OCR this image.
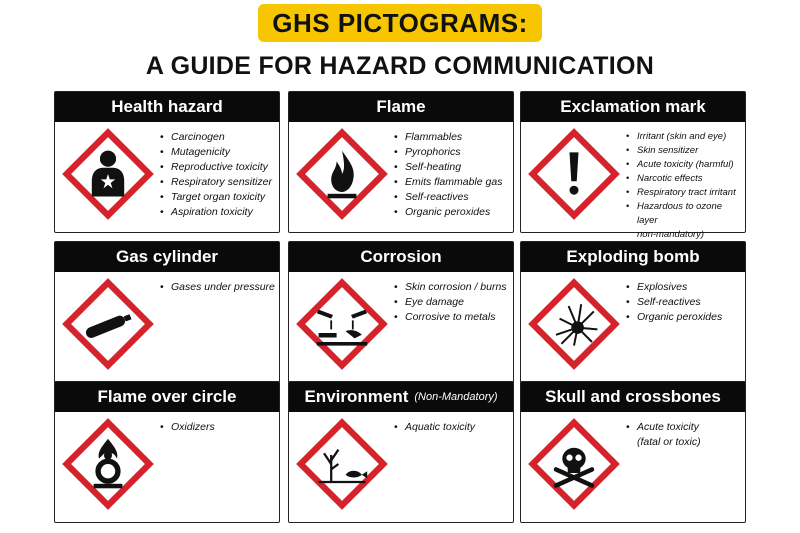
GHS PICTOGRAMS:
A GUIDE FOR HAZARD COMMUNICATION
Health hazard
• Carcinogen
• Mutagenicity
• Reproductive toxicity
• Respiratory sensitizer
• Target organ toxicity
• Aspiration toxicity
Flame
• Flammables
• Pyrophorics
• Self-heating
• Emits flammable gas
• Self-reactives
• Organic peroxides
Exclamation mark
• Irritant (skin and eye)
• Skin sensitizer
• Acute toxicity (harmful)
• Narcotic effects
• Respiratory tract irritant
• Hazardous to ozone layer
non-mandatory)
Gas cylinder
• Gases under pressure
Corrosion
• Skin corrosion / burns
• Eye damage
• Corrosive to metals
Exploding bomb
• Explosives
• Self-reactives
• Organic peroxides
Flame over circle
• Oxidizers
Environment (Non-Mandatory)
• Aquatic toxicity
Skull and crossbones
• Acute toxicity
(fatal or toxic)
